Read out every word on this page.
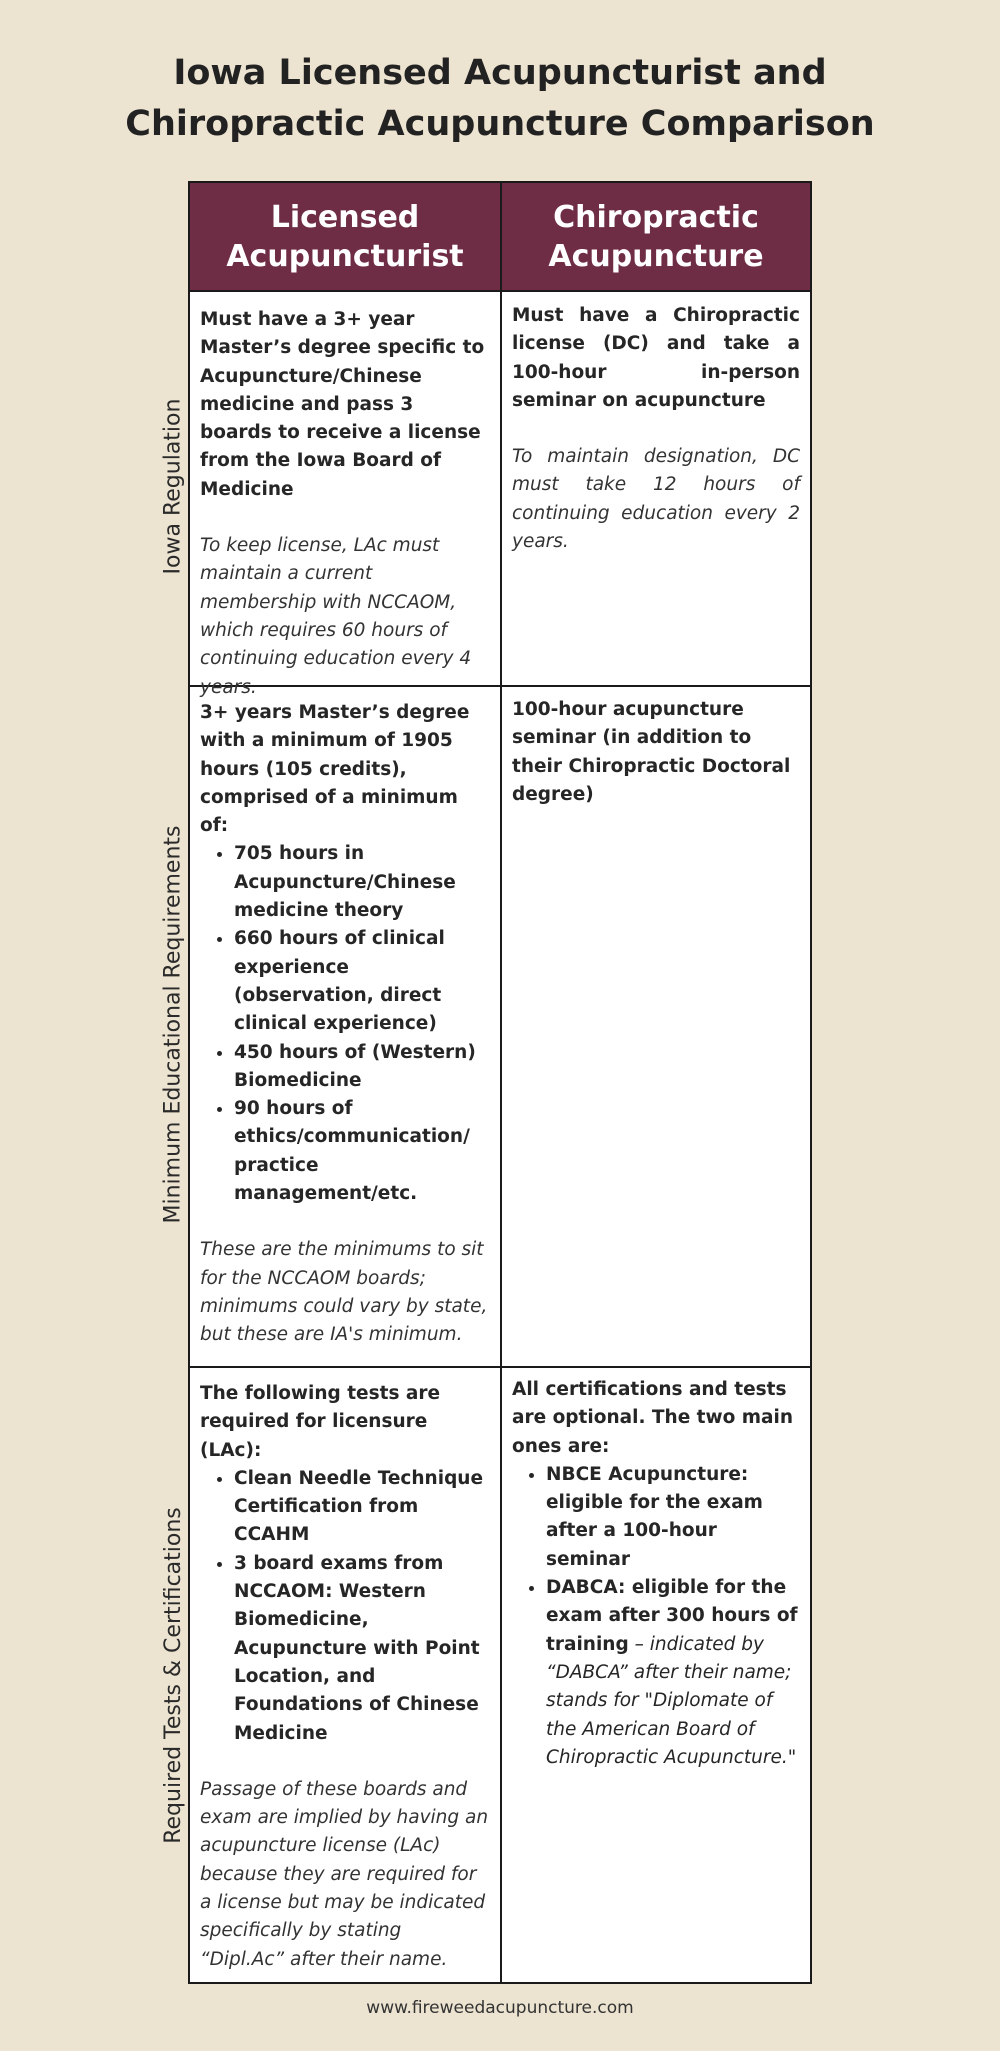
Iowa Licensed Acupuncturist and
Chiropractic Acupuncture Comparison
Iowa Regulation
Minimum Educational Requirements
Required Tests & Certifications
Licensed
Acupuncturist
Chiropractic
Acupuncture

Must have a 3+ year Master’s degree specific to Acupuncture/Chinese medicine and pass 3 boards to receive a license from the Iowa Board of Medicine

To keep license, LAc must maintain a current membership with NCCAOM, which requires 60 hours of continuing education every 4 years.

Must have a Chiropractic license (DC) and take a 100-hour in-person seminar on acupuncture

To maintain designation, DC must take 12 hours of continuing education every 2 years.

3+ years Master’s degree with a minimum of 1905 hours (105 credits), comprised of a minimum of:

• 705 hours in Acupuncture/Chinese medicine theory
• 660 hours of clinical experience (observation, direct clinical experience)
• 450 hours of (Western) Biomedicine
• 90 hours of ethics/communication/ practice management/etc.

These are the minimums to sit for the NCCAOM boards; minimums could vary by state, but these are IA's minimum.

100-hour acupuncture seminar (in addition to their Chiropractic Doctoral degree)

The following tests are required for licensure (LAc):

• Clean Needle Technique Certification from CCAHM
• 3 board exams from NCCAOM: Western Biomedicine, Acupuncture with Point Location, and Foundations of Chinese Medicine

Passage of these boards and exam are implied by having an acupuncture license (LAc) because they are required for a license but may be indicated specifically by stating “Dipl.Ac” after their name.

All certifications and tests are optional. The two main ones are:

• NBCE Acupuncture: eligible for the exam after a 100-hour seminar
• DABCA: eligible for the exam after 300 hours of training – indicated by “DABCA” after their name; stands for "Diplomate of the American Board of Chiropractic Acupuncture."
www.fireweedacupuncture.com
